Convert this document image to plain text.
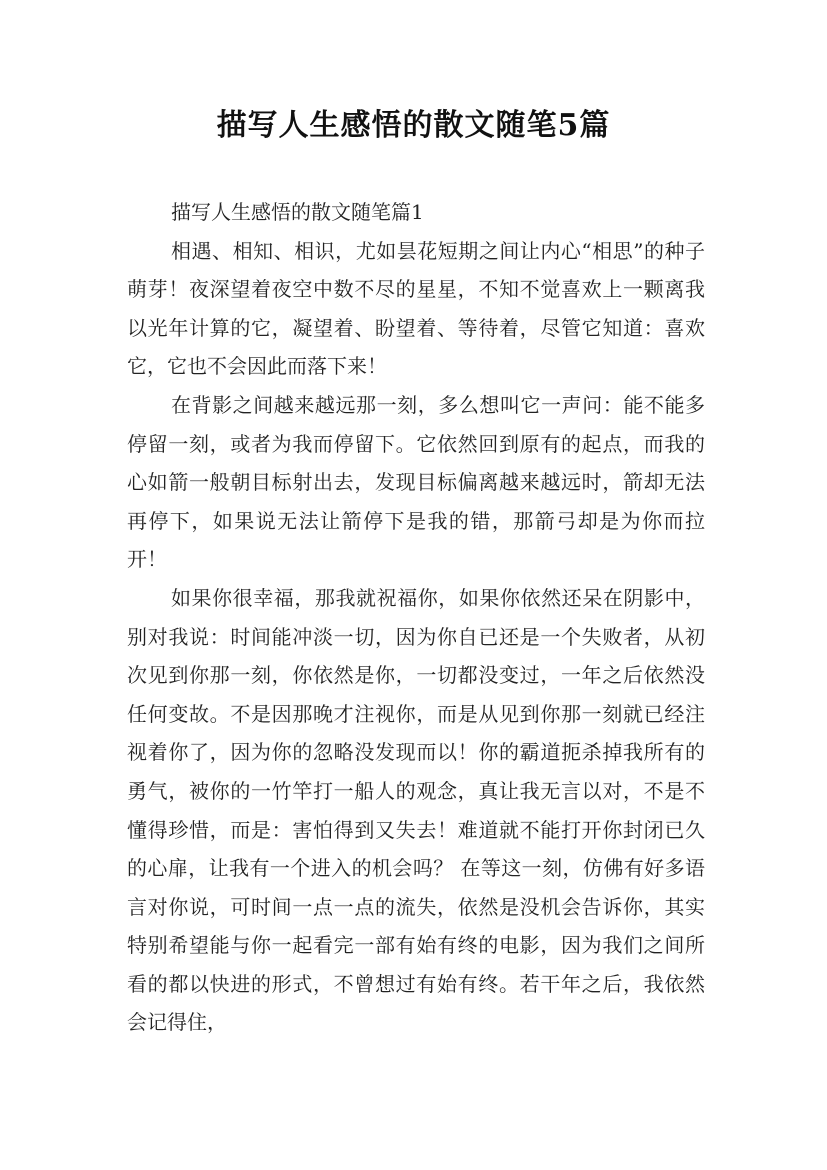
描写人生感悟的散文随笔5篇

描写人生感悟的散文随笔篇1

相遇、相知、相识，尤如昙花短期之间让内心“相思”的种子萌芽！夜深望着夜空中数不尽的星星，不知不觉喜欢上一颗离我以光年计算的它，凝望着、盼望着、等待着，尽管它知道：喜欢它，它也不会因此而落下来！

在背影之间越来越远那一刻，多么想叫它一声问：能不能多停留一刻，或者为我而停留下。它依然回到原有的起点，而我的心如箭一般朝目标射出去，发现目标偏离越来越远时，箭却无法再停下，如果说无法让箭停下是我的错，那箭弓却是为你而拉开！

如果你很幸福，那我就祝福你，如果你依然还呆在阴影中，别对我说：时间能冲淡一切，因为你自已还是一个失败者，从初次见到你那一刻，你依然是你，一切都没变过，一年之后依然没任何变故。不是因那晚才注视你，而是从见到你那一刻就已经注视着你了，因为你的忽略没发现而以！你的霸道扼杀掉我所有的勇气，被你的一竹竿打一船人的观念，真让我无言以对，不是不懂得珍惜，而是：害怕得到又失去！难道就不能打开你封闭已久的心扉，让我有一个进入的机会吗？ 在等这一刻，仿佛有好多语言对你说，可时间一点一点的流失，依然是没机会告诉你，其实特别希望能与你一起看完一部有始有终的电影，因为我们之间所看的都以快进的形式，不曾想过有始有终。若干年之后，我依然会记得住，
